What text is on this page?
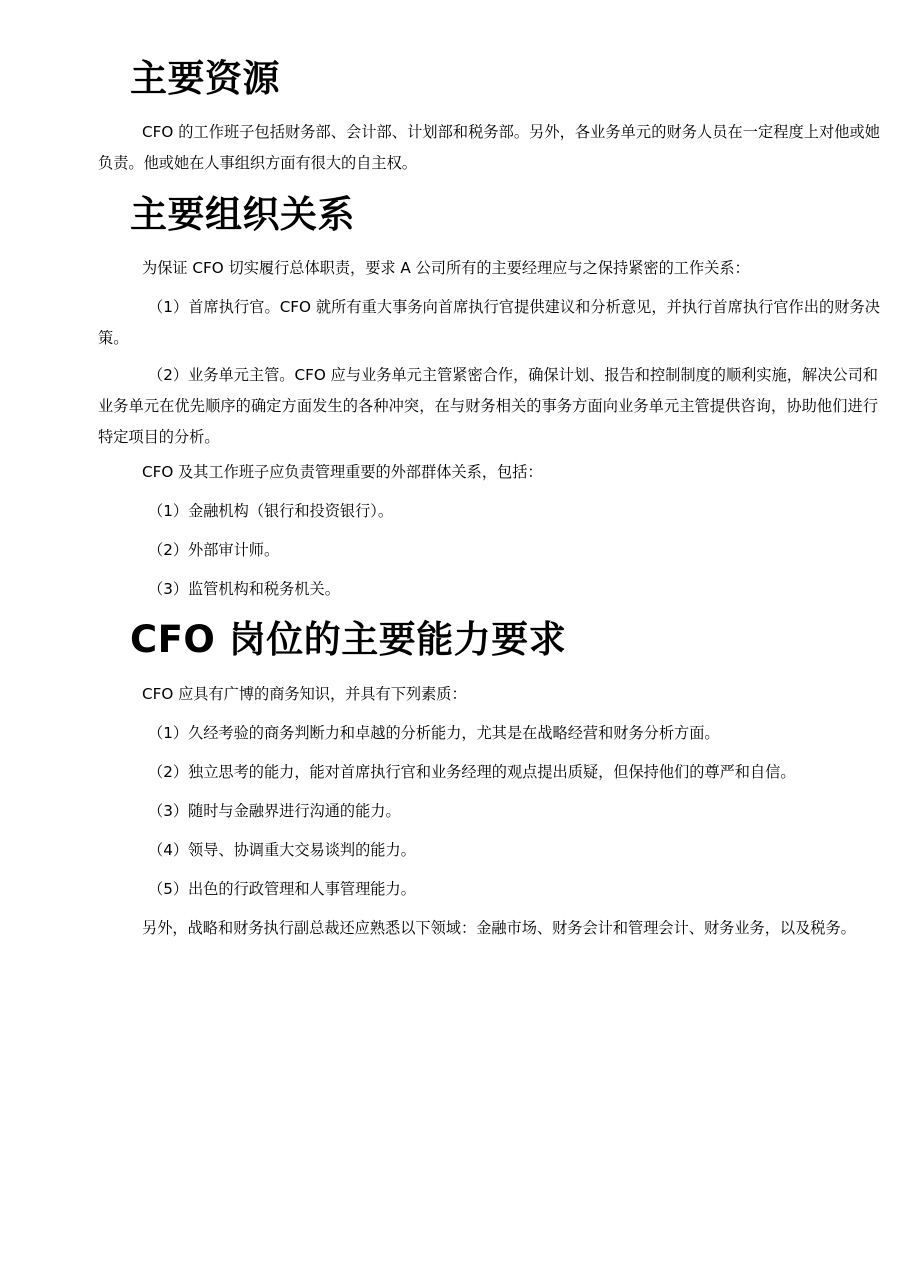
主要资源

CFO 的工作班子包括财务部、会计部、计划部和税务部。另外，各业务单元的财务人员在一定程度上对他或她负责。他或她在人事组织方面有很大的自主权。

主要组织关系

为保证 CFO 切实履行总体职责，要求 A 公司所有的主要经理应与之保持紧密的工作关系：

（1）首席执行官。CFO 就所有重大事务向首席执行官提供建议和分析意见，并执行首席执行官作出的财务决策。

（2）业务单元主管。CFO 应与业务单元主管紧密合作，确保计划、报告和控制制度的顺利实施，解决公司和业务单元在优先顺序的确定方面发生的各种冲突，在与财务相关的事务方面向业务单元主管提供咨询，协助他们进行特定项目的分析。

CFO 及其工作班子应负责管理重要的外部群体关系，包括：

（1）金融机构（银行和投资银行）。

（2）外部审计师。

（3）监管机构和税务机关。

CFO 岗位的主要能力要求

CFO 应具有广博的商务知识，并具有下列素质：

（1）久经考验的商务判断力和卓越的分析能力，尤其是在战略经营和财务分析方面。

（2）独立思考的能力，能对首席执行官和业务经理的观点提出质疑，但保持他们的尊严和自信。

（3）随时与金融界进行沟通的能力。

（4）领导、协调重大交易谈判的能力。

（5）出色的行政管理和人事管理能力。

另外，战略和财务执行副总裁还应熟悉以下领域：金融市场、财务会计和管理会计、财务业务，以及税务。
